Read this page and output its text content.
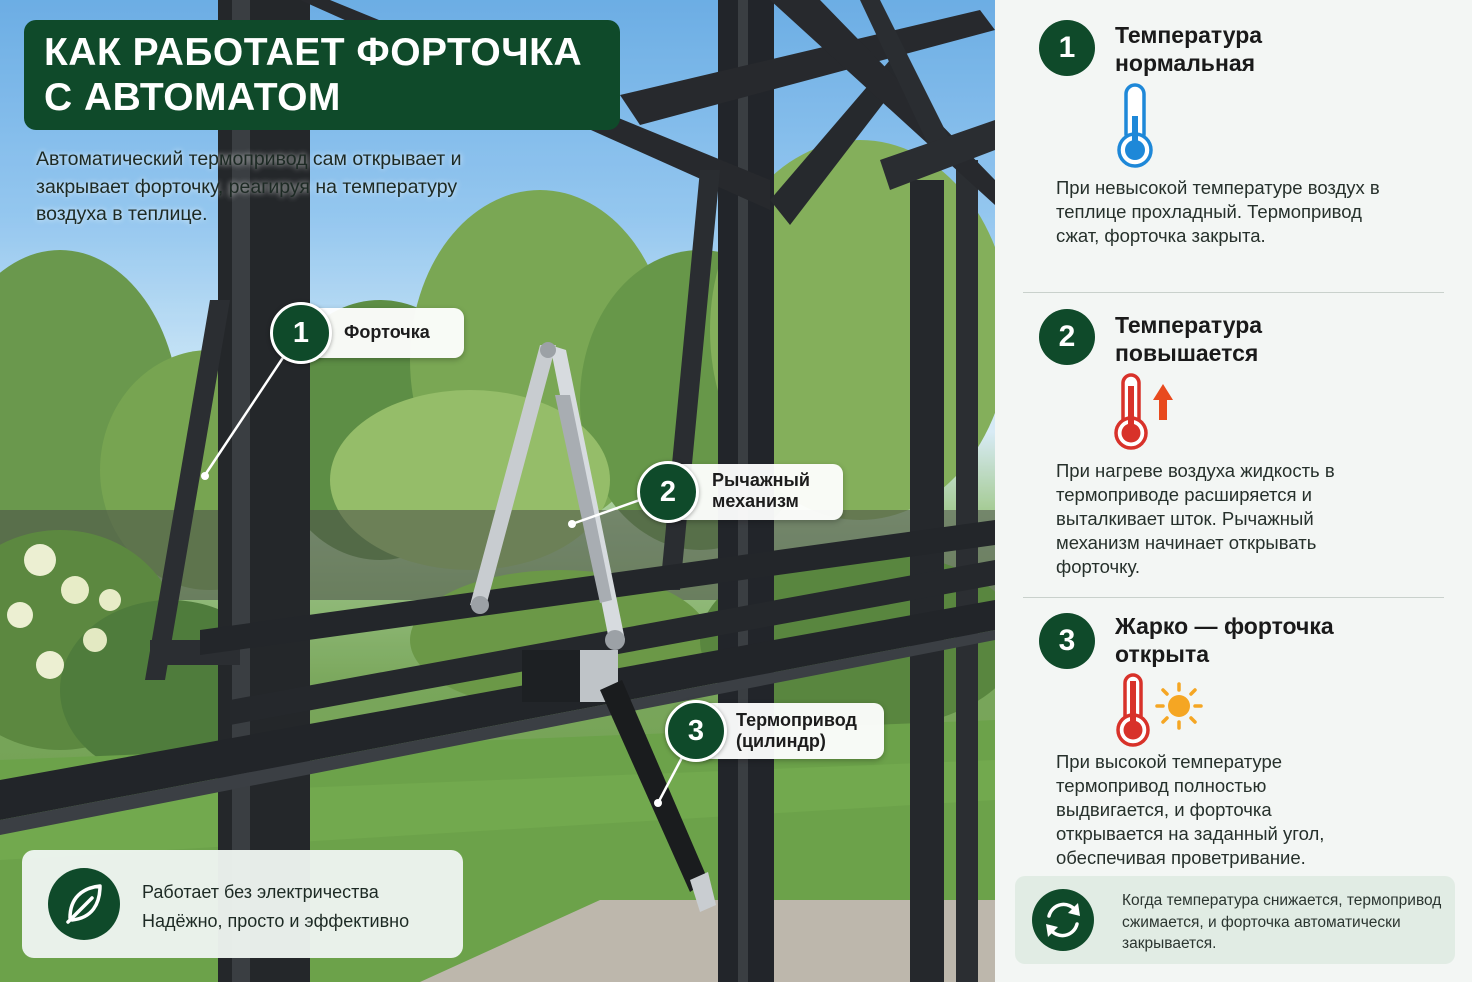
КАК РАБОТАЕТ ФОРТОЧКА С АВТОМАТОМ
Автоматический термопривод сам открывает и закрывает форточку, реагируя на температуру воздуха в теплице.
Форточка
1
Рычажный механизм
2
Термопривод (цилиндр)
3
Работает без электричества
Надёжно, просто и эффективно
1	Температура нормальная
При невысокой температуре воздух в теплице прохладный. Термопривод сжат, форточка закрыта.
2	Температура повышается
При нагреве воздуха жидкость в термоприводе расширяется и выталкивает шток. Рычажный механизм начинает открывать форточку.
3	Жарко — форточка открыта
При высокой температуре термопривод полностью выдвигается, и форточка открывается на заданный угол, обеспечивая проветривание.
Когда температура снижается, термопривод сжимается, и форточка автоматически закрывается.
